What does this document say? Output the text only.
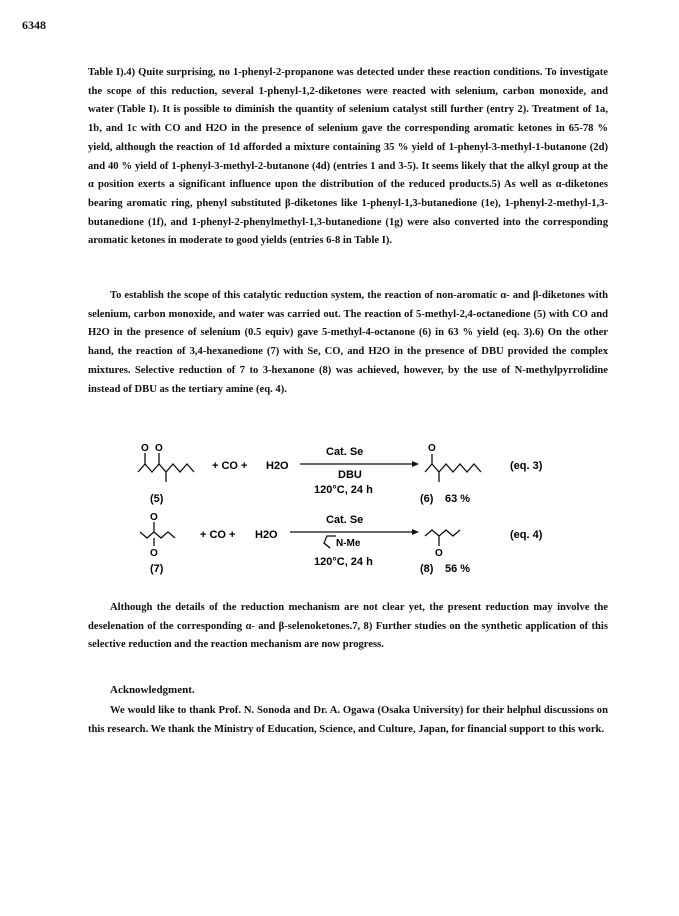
6348
Table I).4) Quite surprising, no 1-phenyl-2-propanone was detected under these reaction conditions. To investigate the scope of this reduction, several 1-phenyl-1,2-diketones were reacted with selenium, carbon monoxide, and water (Table I). It is possible to diminish the quantity of selenium catalyst still further (entry 2). Treatment of 1a, 1b, and 1c with CO and H2O in the presence of selenium gave the corresponding aromatic ketones in 65-78 % yield, although the reaction of 1d afforded a mixture containing 35 % yield of 1-phenyl-3-methyl-1-butanone (2d) and 40 % yield of 1-phenyl-3-methyl-2-butanone (4d) (entries 1 and 3-5). It seems likely that the alkyl group at the α position exerts a significant influence upon the distribution of the reduced products.5) As well as α-diketones bearing aromatic ring, phenyl substituted β-diketones like 1-phenyl-1,3-butanedione (1e), 1-phenyl-2-methyl-1,3-butanedione (1f), and 1-phenyl-2-phenylmethyl-1,3-butanedione (1g) were also converted into the corresponding aromatic ketones in moderate to good yields (entries 6-8 in Table I).
To establish the scope of this catalytic reduction system, the reaction of non-aromatic α- and β-diketones with selenium, carbon monoxide, and water was carried out. The reaction of 5-methyl-2,4-octanedione (5) with CO and H2O in the presence of selenium (0.5 equiv) gave 5-methyl-4-octanone (6) in 63 % yield (eq. 3).6) On the other hand, the reaction of 3,4-hexanedione (7) with Se, CO, and H2O in the presence of DBU provided the complex mixtures. Selective reduction of 7 to 3-hexanone (8) was achieved, however, by the use of N-methylpyrrolidine instead of DBU as the tertiary amine (eq. 4).
O O
+ CO + H2O
Cat. Se
DBU
120°C, 24 h
O
(eq. 3)
(5)	(6) 63 %
O
O
+ CO + H2O
Cat. Se
N-Me
120°C, 24 h
O
(eq. 4)
(7)	(8) 56 %
Although the details of the reduction mechanism are not clear yet, the present reduction may involve the deselenation of the corresponding α- and β-selenoketones.7, 8) Further studies on the synthetic application of this selective reduction and the reaction mechanism are now progress.
Acknowledgment.
We would like to thank Prof. N. Sonoda and Dr. A. Ogawa (Osaka University) for their helphul discussions on this research. We thank the Ministry of Education, Science, and Culture, Japan, for financial support to this work.
